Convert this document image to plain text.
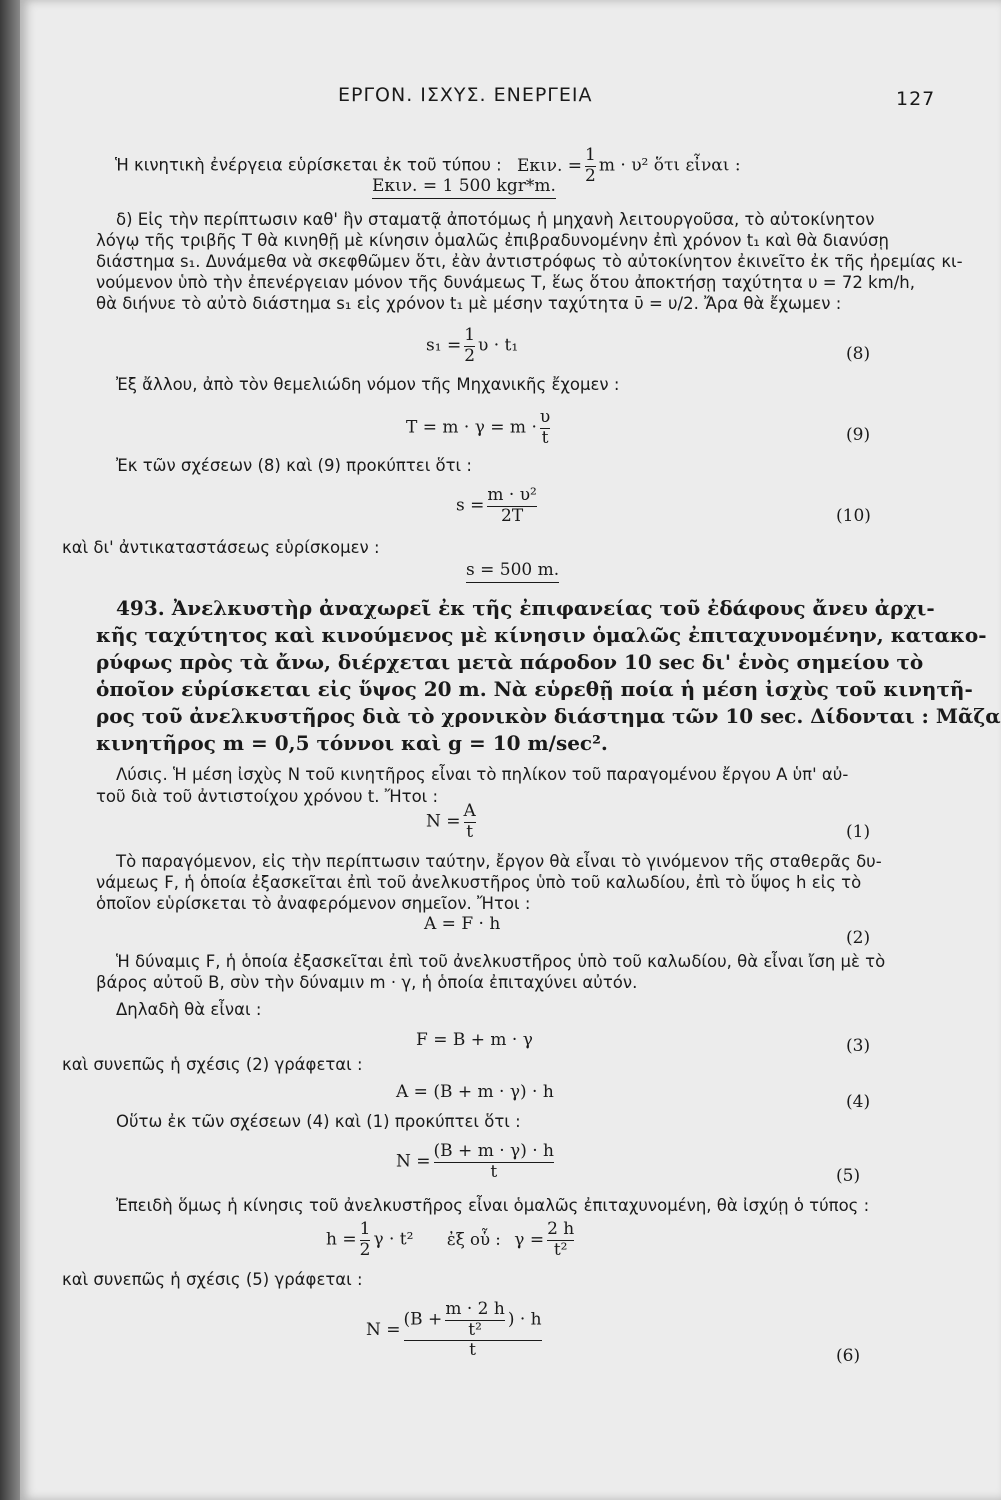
ΕΡΓΟΝ. ΙΣΧΥΣ. ΕΝΕΡΓΕΙΑ	127
Ἡ κινητικὴ ἐνέργεια εὑρίσκεται ἐκ τοῦ τύπου : Eκιν. = $\frac{1}{2}$ m · υ² ὅτι εἶναι :
Eκιν. = 1 500 kgr*m.
δ) Εἰς τὴν περίπτωσιν καθ' ἣν σταματᾷ ἀποτόμως ἡ μηχανὴ λειτουργοῦσα, τὸ αὐτοκίνητον
λόγῳ τῆς τριβῆς T θὰ κινηθῇ μὲ κίνησιν ὁμαλῶς ἐπιβραδυνομένην ἐπὶ χρόνον t₁ καὶ θὰ διανύσῃ
διάστημα s₁. Δυνάμεθα νὰ σκεφθῶμεν ὅτι, ἐὰν ἀντιστρόφως τὸ αὐτοκίνητον ἐκινεῖτο ἐκ τῆς ἠρεμίας κι-
νούμενον ὑπὸ τὴν ἐπενέργειαν μόνον τῆς δυνάμεως T, ἕως ὅτου ἀποκτήσῃ ταχύτητα υ = 72 km/h,
θὰ διήνυε τὸ αὐτὸ διάστημα s₁ εἰς χρόνον t₁ μὲ μέσην ταχύτητα ῡ = υ/2. Ἄρα θὰ ἔχωμεν :
$s_1 = \frac{1}{2}$ υ · t₁	(8)
Ἐξ ἄλλου, ἀπὸ τὸν θεμελιώδη νόμον τῆς Μηχανικῆς ἔχομεν :
$T = m \cdot \gamma = m \cdot \frac{\upsilon}{t}$	(9)
Ἐκ τῶν σχέσεων (8) καὶ (9) προκύπτει ὅτι :
$s = \frac{\text{m · υ²}}{2T}$	(10)
καὶ δι' ἀντικαταστάσεως εὑρίσκομεν :
s = 500 m.
493. Ἀνελκυστὴρ ἀναχωρεῖ ἐκ τῆς ἐπιφανείας τοῦ ἐδάφους ἄνευ ἀρχι-
κῆς ταχύτητος καὶ κινούμενος μὲ κίνησιν ὁμαλῶς ἐπιταχυνομένην, κατακο-
ρύφως πρὸς τὰ ἄνω, διέρχεται μετὰ πάροδον 10 sec δι' ἑνὸς σημείου τὸ
ὁποῖον εὑρίσκεται εἰς ὕψος 20 m. Νὰ εὑρεθῇ ποία ἡ μέση ἰσχὺς τοῦ κινητῆ-
ρος τοῦ ἀνελκυστῆρος διὰ τὸ χρονικὸν διάστημα τῶν 10 sec. Δίδονται : Μᾶζα
κινητῆρος m = 0,5 τόννοι καὶ g = 10 m/sec².
Λύσις. Ἡ μέση ἰσχὺς N τοῦ κινητῆρος εἶναι τὸ πηλίκον τοῦ παραγομένου ἔργου A ὑπ' αὐ-
τοῦ διὰ τοῦ ἀντιστοίχου χρόνου t. Ἤτοι :
$N = \frac{A}{t}$	(1)
Τὸ παραγόμενον, εἰς τὴν περίπτωσιν ταύτην, ἔργον θὰ εἶναι τὸ γινόμενον τῆς σταθερᾶς δυ-
νάμεως F, ἡ ὁποία ἐξασκεῖται ἐπὶ τοῦ ἀνελκυστῆρος ὑπὸ τοῦ καλωδίου, ἐπὶ τὸ ὕψος h εἰς τὸ
ὁποῖον εὑρίσκεται τὸ ἀναφερόμενον σημεῖον. Ἤτοι :
A = F · h
(2)
Ἡ δύναμις F, ἡ ὁποία ἐξασκεῖται ἐπὶ τοῦ ἀνελκυστῆρος ὑπὸ τοῦ καλωδίου, θὰ εἶναι ἴση μὲ τὸ
βάρος αὐτοῦ B, σὺν τὴν δύναμιν m · γ, ἡ ὁποία ἐπιταχύνει αὐτόν.
Δηλαδὴ θὰ εἶναι :
F = B + m · γ	(3)
καὶ συνεπῶς ἡ σχέσις (2) γράφεται :
A = (B + m · γ) · h	(4)
Οὕτω ἐκ τῶν σχέσεων (4) καὶ (1) προκύπτει ὅτι :
$N = \frac{(B + m \cdot \gamma) \cdot h}{t}$	(5)
Ἐπειδὴ ὅμως ἡ κίνησις τοῦ ἀνελκυστῆρος εἶναι ὁμαλῶς ἐπιταχυνομένη, θὰ ἰσχύῃ ὁ τύπος :
$h = \frac{1}{2}$ γ · t² ἐξ οὗ : $\gamma = \frac{2 h}{\text{t²}}$
καὶ συνεπῶς ἡ σχέσις (5) γράφεται :
$N = \frac{(B + \frac{m \cdot 2 h}{\text{t²}} ) \cdot h}{t}$	(6)
